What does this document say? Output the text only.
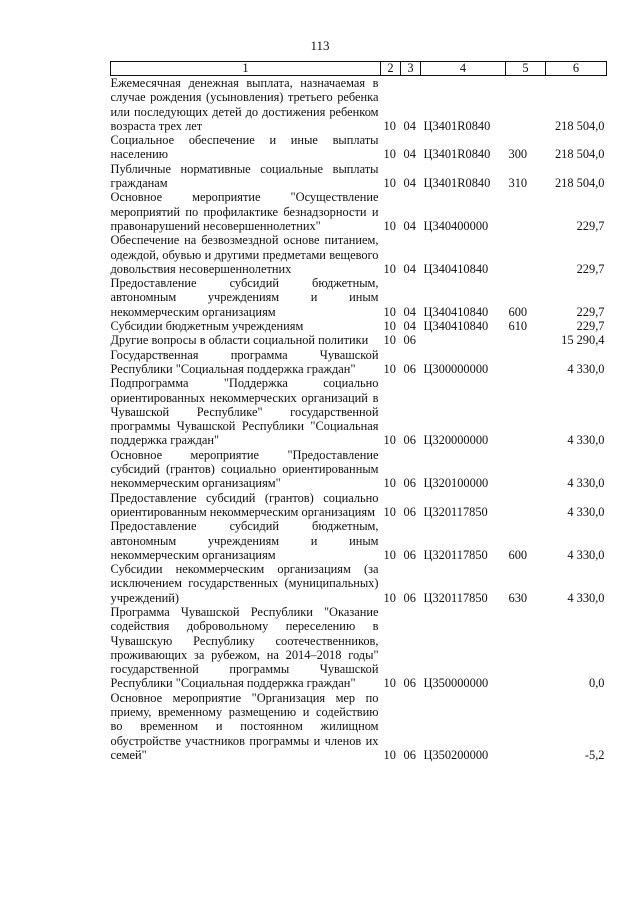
113
1	2	3	4	5	6
Ежемесячная денежная выплата, назначаемая в случае рождения (усыновления) третьего ребенка или последующих детей до достижения ребенком возраста трех лет	10	04	Ц3401R0840		218 504,0
Социальное обеспечение и иные выплаты населению	10	04	Ц3401R0840	300	218 504,0
Публичные нормативные социальные выплаты гражданам	10	04	Ц3401R0840	310	218 504,0
Основное мероприятие "Осуществление мероприятий по профилактике безнадзорности и правонарушений несовершеннолетних"	10	04	Ц340400000		229,7
Обеспечение на безвозмездной основе питанием, одеждой, обувью и другими предметами вещевого довольствия несовершеннолетних	10	04	Ц340410840		229,7
Предоставление субсидий бюджетным, автономным учреждениям и иным некоммерческим организациям	10	04	Ц340410840	600	229,7
Субсидии бюджетным учреждениям	10	04	Ц340410840	610	229,7
Другие вопросы в области социальной политики	10	06			15 290,4
Государственная программа Чувашской Республики "Социальная поддержка граждан"	10	06	Ц300000000		4 330,0
Подпрограмма "Поддержка социально ориентированных некоммерческих организаций в Чувашской Республике" государственной программы Чувашской Республики "Социальная поддержка граждан"	10	06	Ц320000000		4 330,0
Основное мероприятие "Предоставление субсидий (грантов) социально ориентированным некоммерческим организациям"	10	06	Ц320100000		4 330,0
Предоставление субсидий (грантов) социально ориентированным некоммерческим организациям	10	06	Ц320117850		4 330,0
Предоставление субсидий бюджетным, автономным учреждениям и иным некоммерческим организациям	10	06	Ц320117850	600	4 330,0
Субсидии некоммерческим организациям (за исключением государственных (муниципальных) учреждений)	10	06	Ц320117850	630	4 330,0
Программа Чувашской Республики "Оказание содействия добровольному переселению в Чувашскую Республику соотечественников, проживающих за рубежом, на 2014–2018 годы" государственной программы Чувашской Республики "Социальная поддержка граждан"	10	06	Ц350000000		0,0
Основное мероприятие "Организация мер по приему, временному размещению и содействию во временном и постоянном жилищном обустройстве участников программы и членов их семей"	10	06	Ц350200000		-5,2
